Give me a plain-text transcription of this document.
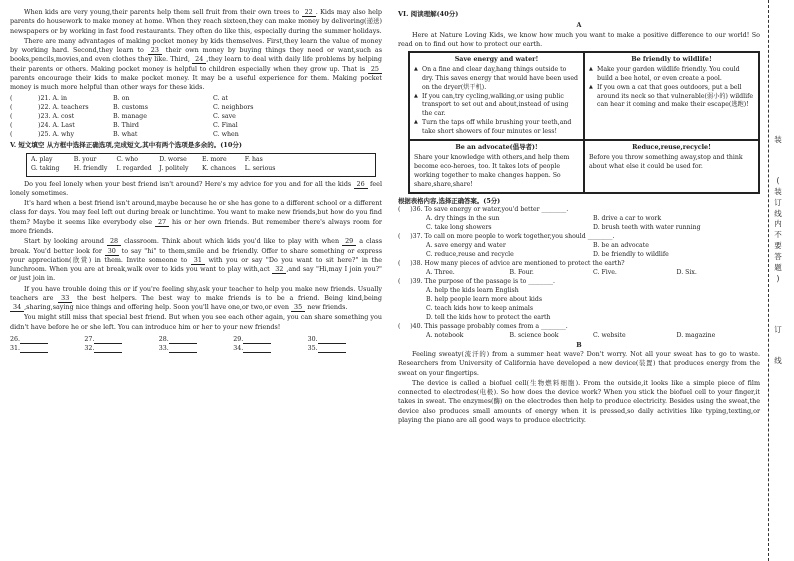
When kids are very young,their parents help them sell fruit from their own trees to 22 . Kids may also help parents do housework to make money at home. When they reach sixteen,they can make money by delivering(递送) newspapers or by working in fast food restaurants. They often do like this, especially during the summer holidays.

There are many advantages of making pocket money by kids themselves. First,they learn the value of money by working hard. Second,they learn to 23 their own money by buying things they need or want,such as books,pencils,movies,and even clothes they like. Third, 24 ,they learn to deal with daily life problems by helping their parents or others. Making pocket money is helpful to children especially when they grow up. That is 25 parents encourage their kids to make pocket money. It may be a useful experience for them. Making pocket money is much more helpful than other ways for these kids.

(	)21. A. in	B. on	C. at
(	)22. A. teachers	B. customs	C. neighbors
(	)23. A. cost	B. manage	C. save
(	)24. A. Last	B. Third	C. Final
(	)25. A. why	B. what	C. when
V. 短文填空 从方框中选择正确选项,完成短文,其中有两个选项是多余的。(10分)
A. play	B. your	C. who	D. worse	E. more	F. has
G. taking	H. friendly	I. regarded	J. politely	K. chances	L. serious

Do you feel lonely when your best friend isn't around? Here's my advice for you and for all the kids 26 feel lonely sometimes.

It's hard when a best friend isn't around,maybe because he or she has gone to a different school or a different class for days. You may feel left out during break or lunchtime. You want to make new friends,but how do you find them? Maybe it seems like everybody else 27 his or her own friends. But remember there's always room for more friends.

Start by looking around 28 classroom. Think about which kids you'd like to play with when 29 a class break. You'd better look for 30 to say "hi" to them,smile and be friendly. Offer to share something or express your appreciation(欣赏) in them. Invite someone to 31 with you or say "Do you want to sit here?" in the lunchroom. When you are at break,walk over to kids you want to play with,act 32 ,and say "Hi,may I join you?" or just join in.

If you have trouble doing this or if you're feeling shy,ask your teacher to help you make new friends. Usually teachers are 33 the best helpers. The best way to make friends is to be a friend. Being kind,being 34 ,sharing,saying nice things and offering help. Soon you'll have one,or two,or even 35 new friends.

You might still miss that special best friend. But when you see each other again, you can share something you didn't have before he or she left. You can introduce him or her to your new friends!

26.	27.	28.	29.	30.
31.	32.	33.	34.	35.
VI. 阅读理解(40分)
A

Here at Nature Loving Kids, we know how much you want to make a positive difference to our world! So read on to find out how to protect our earth.

Save energy and water!
▲ On a fine and clear day,hang things outside to dry. This saves energy that would have been used on the dryer(烘干机).
▲ If you can,try cycling,walking,or using public transport to set out and about,instead of using the car.
▲ Turn the taps off while brushing your teeth,and take short showers of four minutes or less!
Be friendly to wildlife!
▲ Make your garden wildlife friendly. You could build a bee hotel, or even create a pool.
▲ If you own a cat that goes outdoors, put a bell around its neck so that vulnerable(弱小的) wildlife can hear it coming and make their escape(逃跑)!
Be an advocate(倡导者)!
Share your knowledge with others,and help them become eco-heroes, too. It takes lots of people working together to make changes happen. So share,share,share!
Reduce,reuse,recycle!
Before you throw something away,stop and think about what else it could be used for.
根据表格内容,选择正确答案。(5分)
(     )36. To save energy or water,you'd better ________.
A. dry things in the sun	B. drive a car to work
C. take long showers	D. brush teeth with water running
(     )37. To call on more people to work together,you should ________.
A. save energy and water	B. be an advocate
C. reduce,reuse and recycle	D. be friendly to wildlife
(     )38. How many pieces of advice are mentioned to protect the earth?
A. Three.	B. Four.	C. Five.	D. Six.
(     )39. The purpose of the passage is to ________.
A. help the kids learn English
B. help people learn more about kids
C. teach kids how to keep animals
D. tell the kids how to protect the earth
(     )40. This passage probably comes from a ________.
A. notebook	B. science book	C. website	D. magazine
B

Feeling sweaty(流汗的) from a summer heat wave? Don't worry. Not all your sweat has to go to waste. Researchers from University of California have developed a new device(装置) that produces energy from the sweat on your fingertips.

The device is called a biofuel cell(生物燃料细胞). From the outside,it looks like a simple piece of film connected to electrodes(电极). So how does the device work? When you stick the biofuel cell to your finger,it takes in sweat. The enzymes(酶) on the electrodes then help to produce electricity. Besides using the sweat,the device also produces small amounts of energy when it is pressed,so daily activities like typing,texting,or playing the piano are all good ways to produce electricity.

装
(
装
订
线
内
不
要
答
题
)
订
线
